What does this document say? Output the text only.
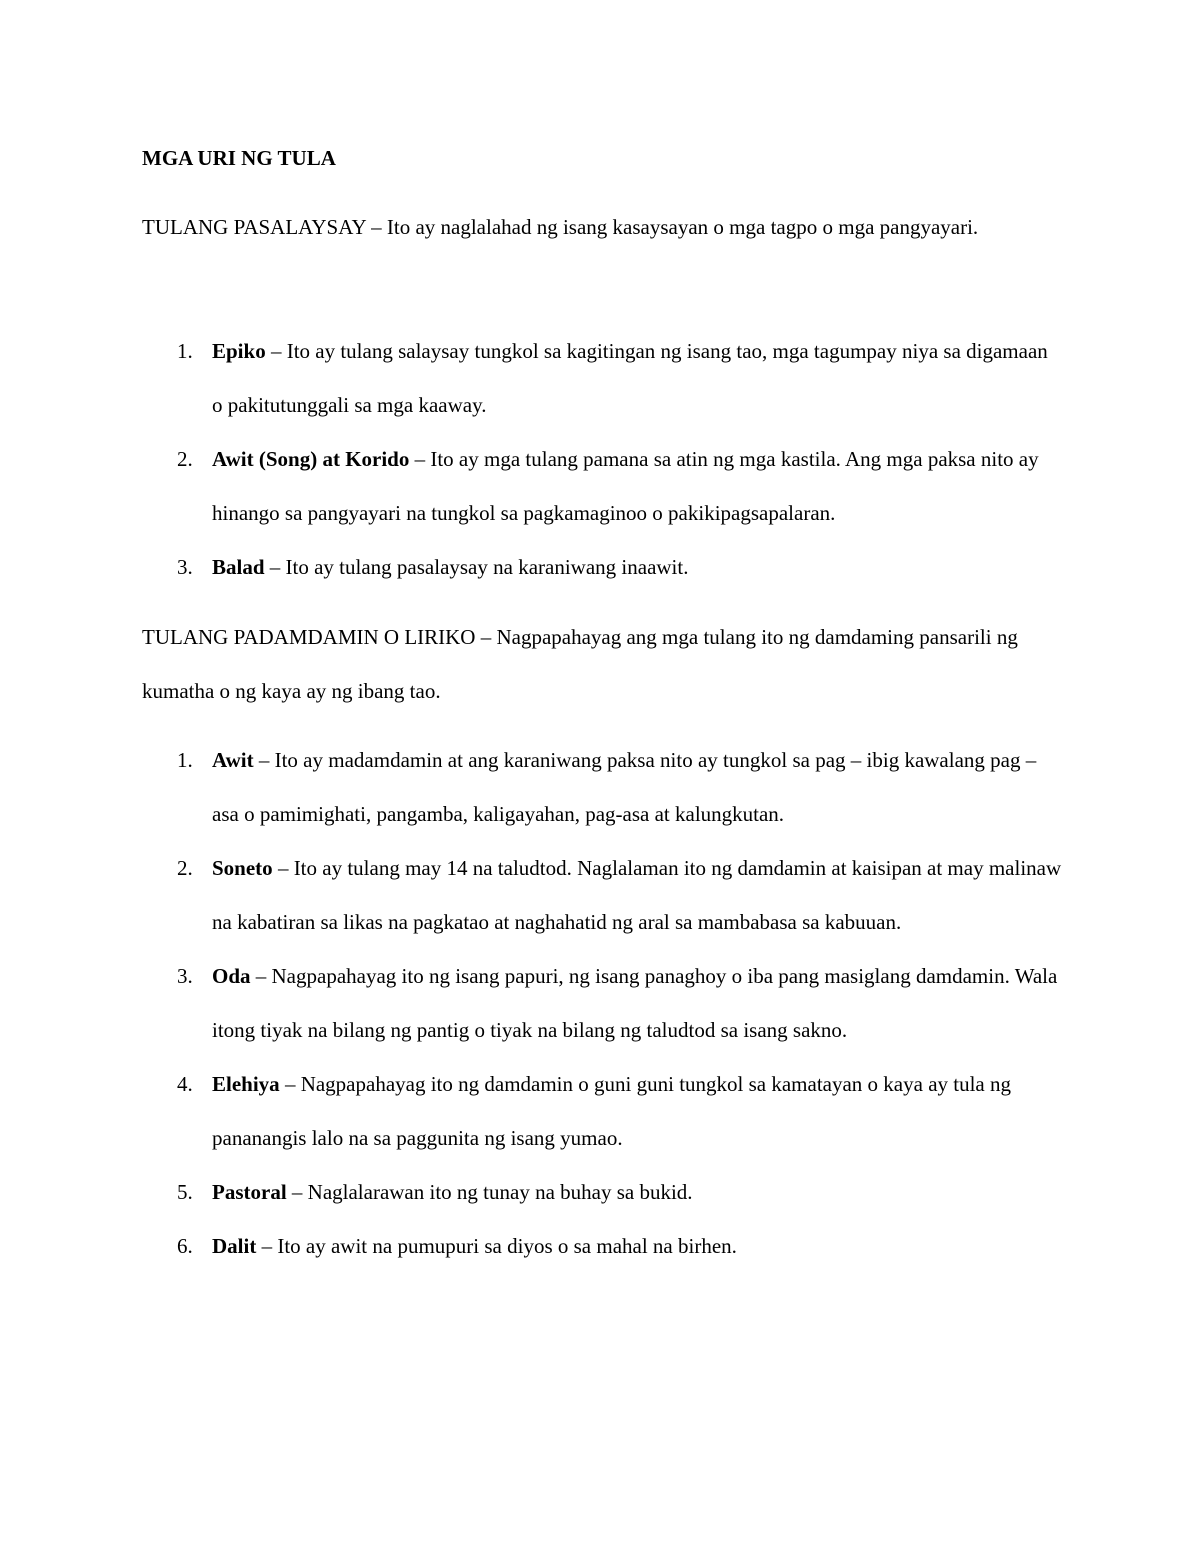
MGA URI NG TULA
TULANG PASALAYSAY – Ito ay naglalahad ng isang kasaysayan o mga tagpo o mga pangyayari.
1. Epiko – Ito ay tulang salaysay tungkol sa kagitingan ng isang tao, mga tagumpay niya sa digamaan o pakitutunggali sa mga kaaway.
2. Awit (Song) at Korido – Ito ay mga tulang pamana sa atin ng mga kastila. Ang mga paksa nito ay hinango sa pangyayari na tungkol sa pagkamaginoo o pakikipagsapalaran.
3. Balad – Ito ay tulang pasalaysay na karaniwang inaawit.
TULANG PADAMDAMIN O LIRIKO – Nagpapahayag ang mga tulang ito ng damdaming pansarili ng kumatha o ng kaya ay ng ibang tao.
1. Awit – Ito ay madamdamin at ang karaniwang paksa nito ay tungkol sa pag – ibig kawalang pag – asa o pamimighati, pangamba, kaligayahan, pag-asa at kalungkutan.
2. Soneto – Ito ay tulang may 14 na taludtod. Naglalaman ito ng damdamin at kaisipan at may malinaw na kabatiran sa likas na pagkatao at naghahatid ng aral sa mambabasa sa kabuuan.
3. Oda – Nagpapahayag ito ng isang papuri, ng isang panaghoy o iba pang masiglang damdamin. Wala itong tiyak na bilang ng pantig o tiyak na bilang ng taludtod sa isang sakno.
4. Elehiya – Nagpapahayag ito ng damdamin o guni guni tungkol sa kamatayan o kaya ay tula ng pananangis lalo na sa paggunita ng isang yumao.
5. Pastoral – Naglalarawan ito ng tunay na buhay sa bukid.
6. Dalit – Ito ay awit na pumupuri sa diyos o sa mahal na birhen.
